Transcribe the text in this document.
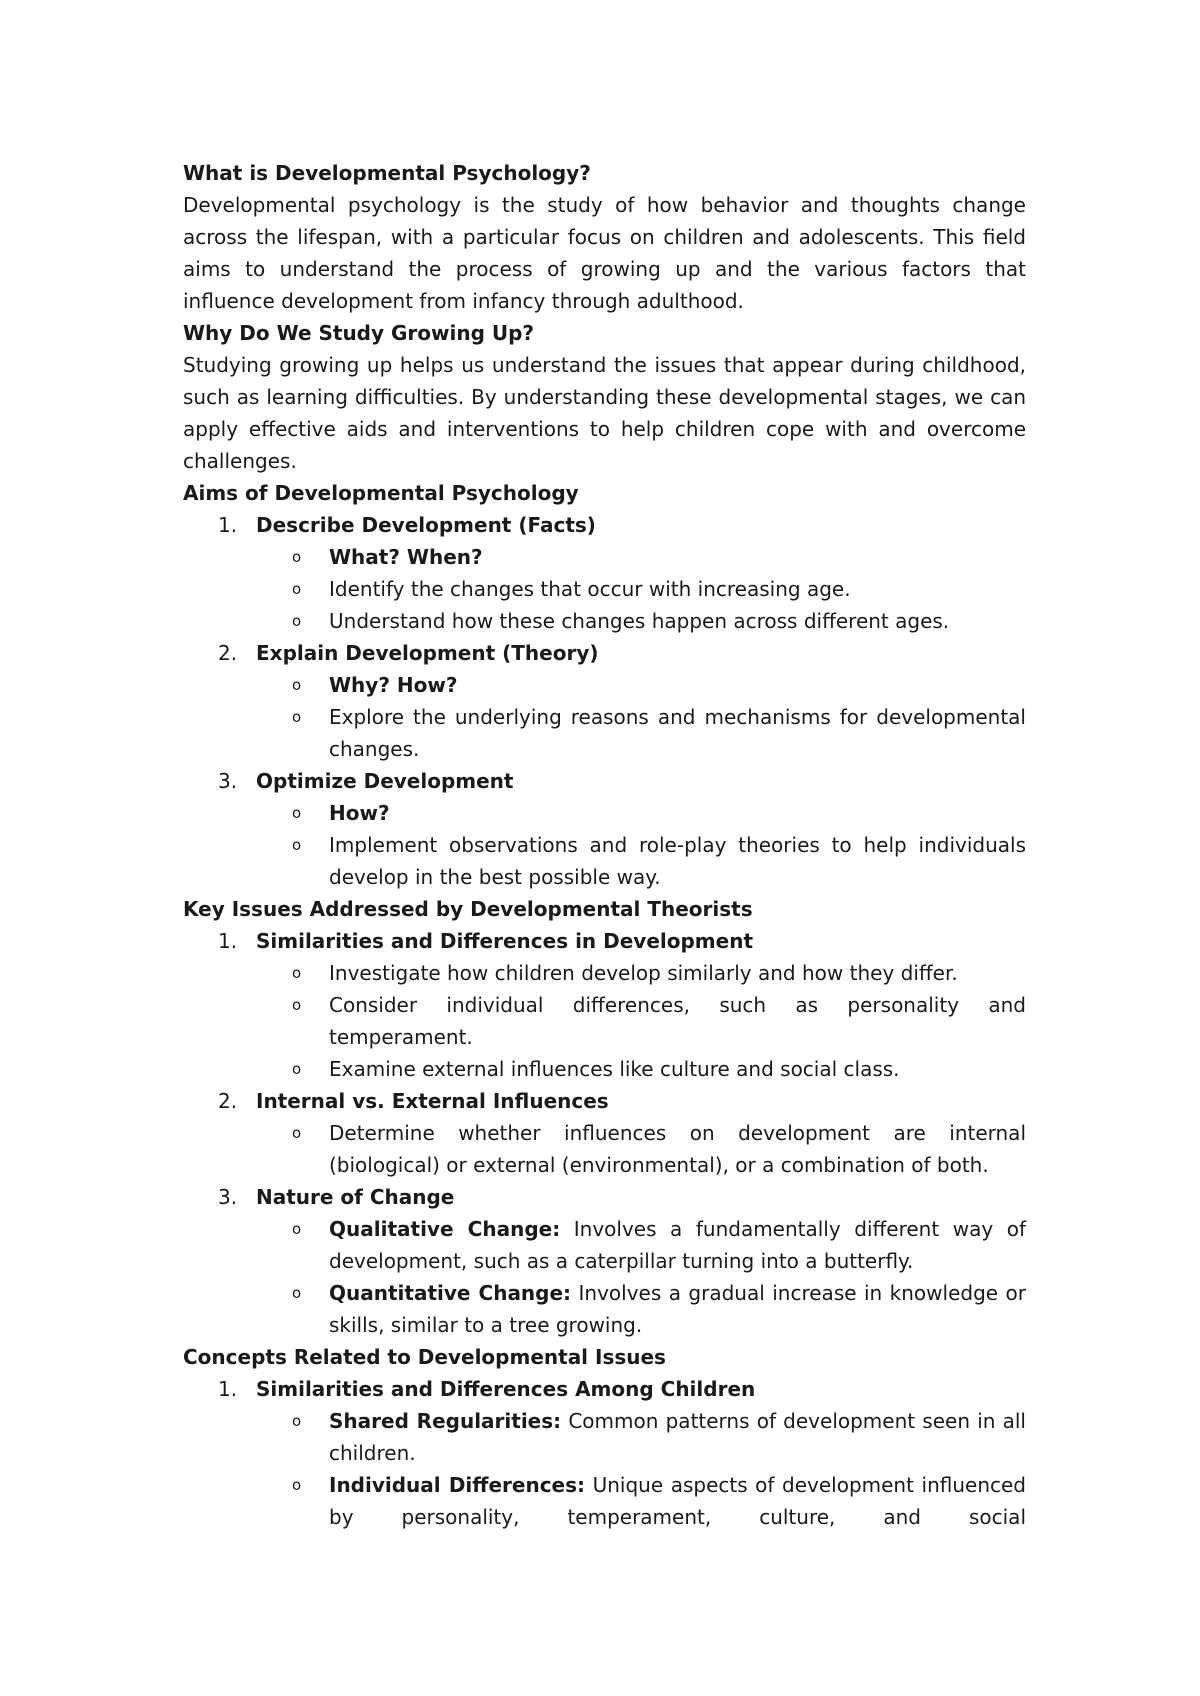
What is Developmental Psychology?

Developmental psychology is the study of how behavior and thoughts change across the lifespan, with a particular focus on children and adolescents. This field aims to understand the process of growing up and the various factors that influence development from infancy through adulthood.

Why Do We Study Growing Up?

Studying growing up helps us understand the issues that appear during childhood, such as learning difficulties. By understanding these developmental stages, we can apply effective aids and interventions to help children cope with and overcome challenges.

Aims of Developmental Psychology

1. Describe Development (Facts)
o What? When?
o Identify the changes that occur with increasing age.
o Understand how these changes happen across different ages.
2. Explain Development (Theory)
o Why? How?
o Explore the underlying reasons and mechanisms for developmental changes.
3. Optimize Development
o How?
o Implement observations and role-play theories to help individuals develop in the best possible way.

Key Issues Addressed by Developmental Theorists

1. Similarities and Differences in Development
o Investigate how children develop similarly and how they differ.
o Consider individual differences, such as personality and temperament.
o Examine external influences like culture and social class.
2. Internal vs. External Influences
o Determine whether influences on development are internal (biological) or external (environmental), or a combination of both.
3. Nature of Change
o Qualitative Change: Involves a fundamentally different way of development, such as a caterpillar turning into a butterfly.
o Quantitative Change: Involves a gradual increase in knowledge or skills, similar to a tree growing.

Concepts Related to Developmental Issues

1. Similarities and Differences Among Children
o Shared Regularities: Common patterns of development seen in all children.
o Individual Differences: Unique aspects of development influenced by personality, temperament, culture, and social
